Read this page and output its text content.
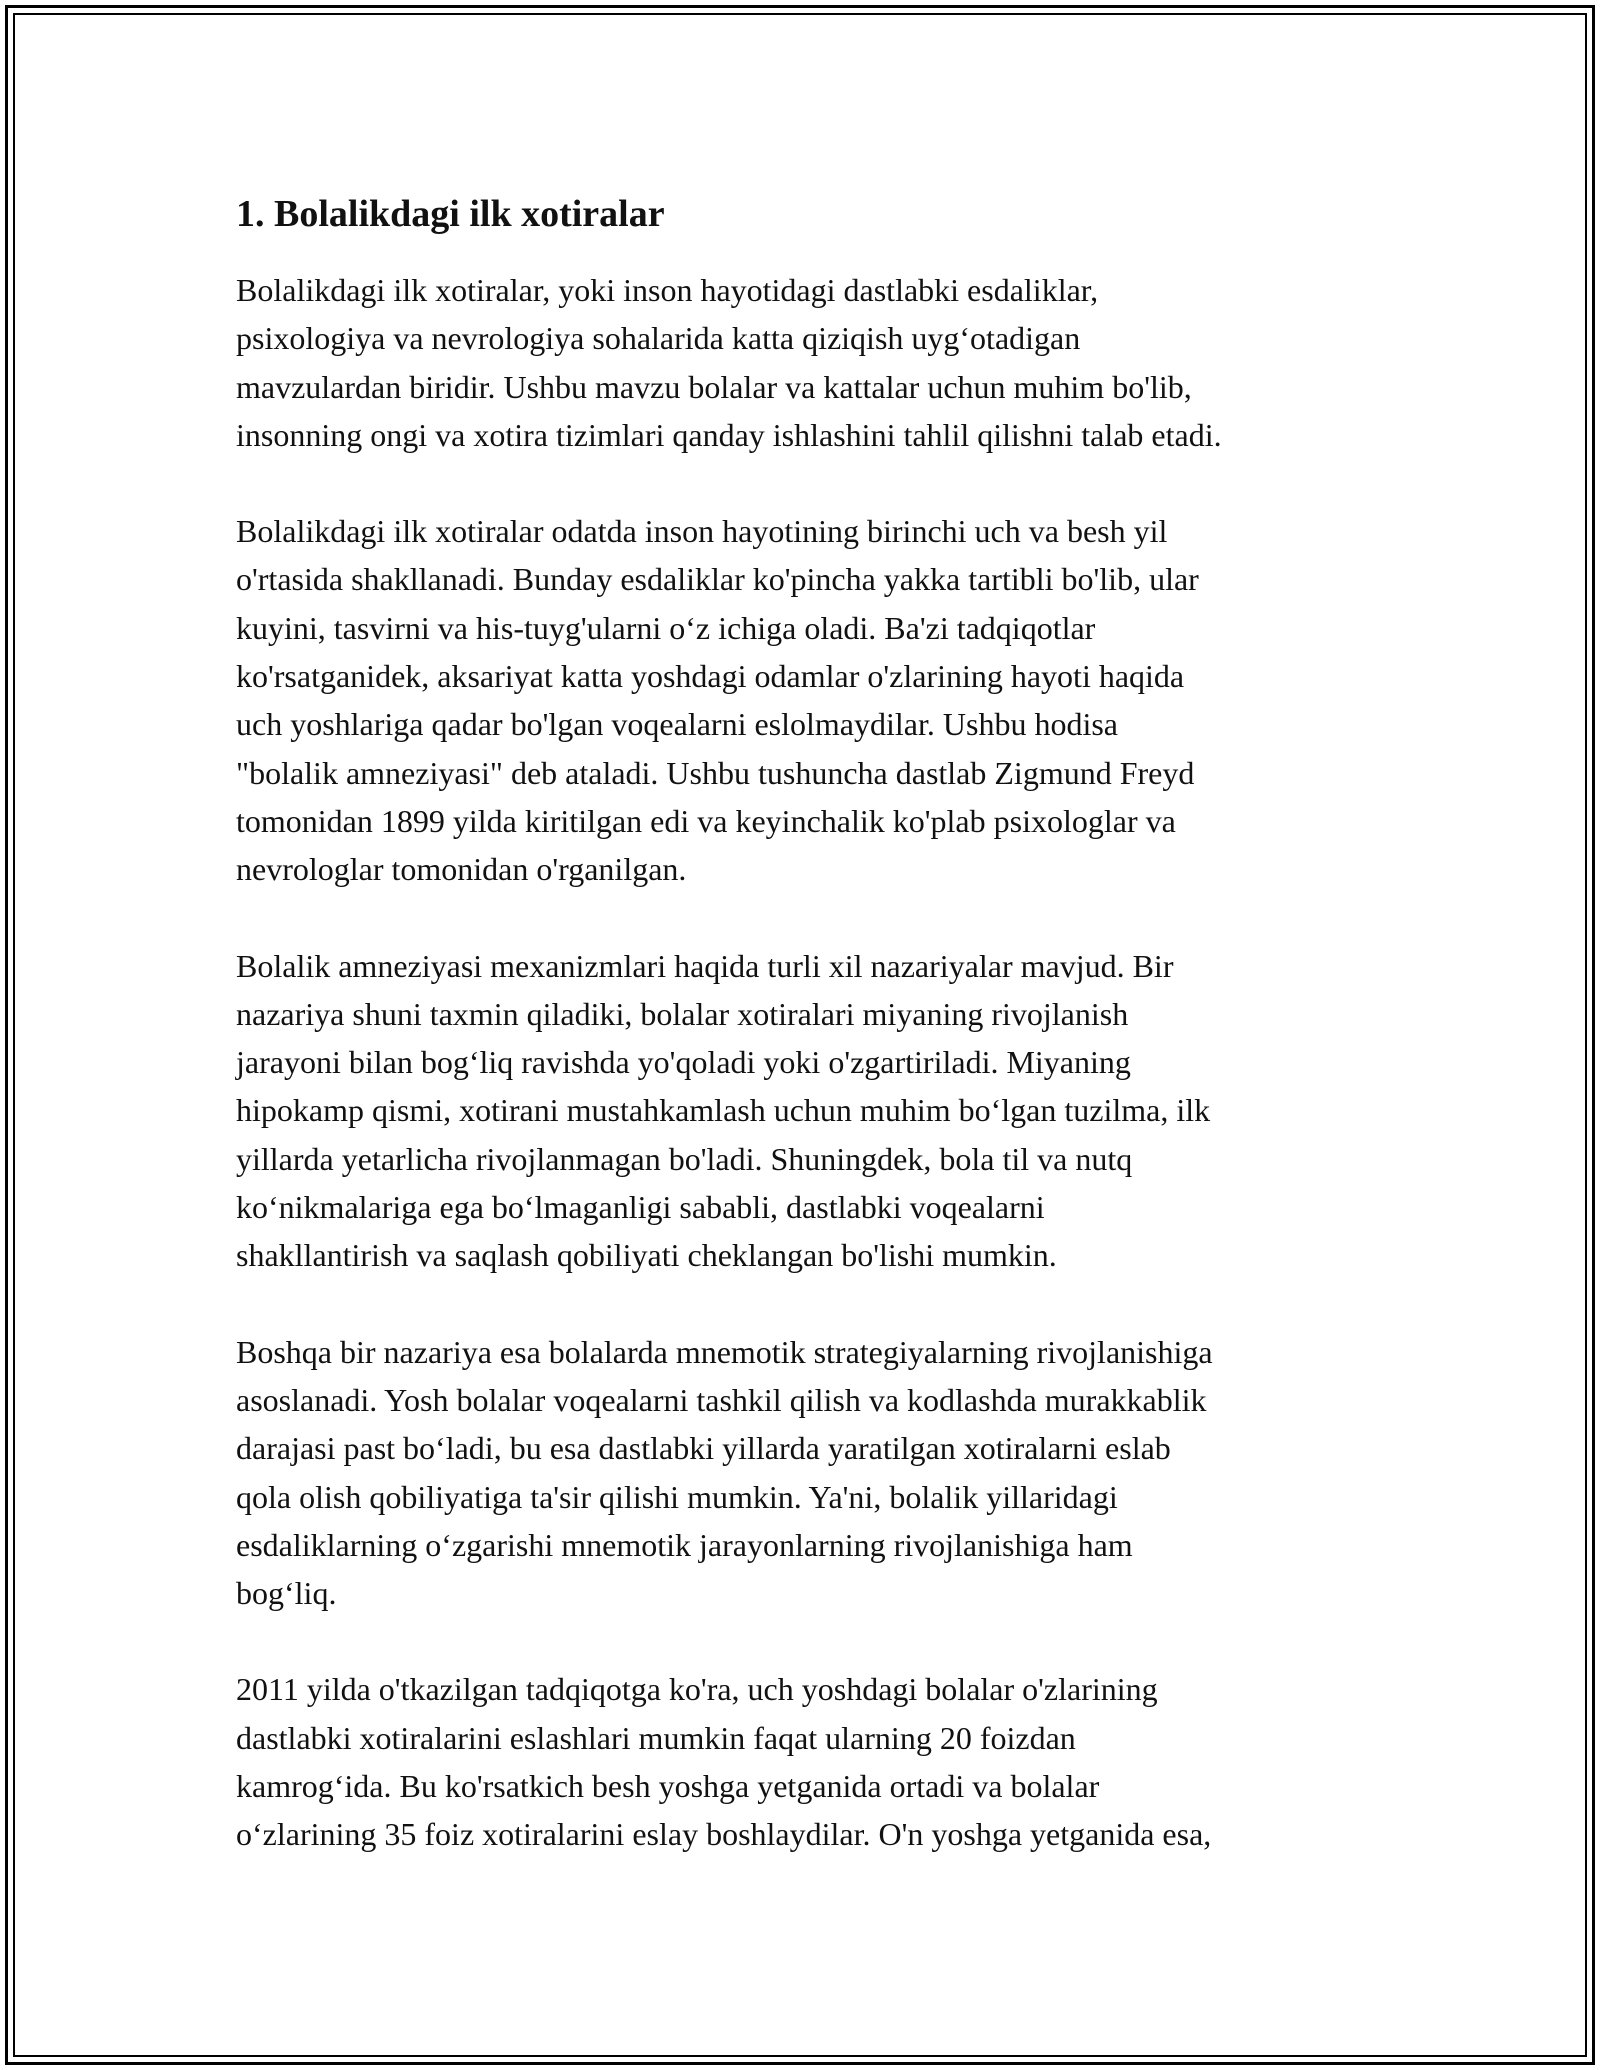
1. Bolalikdagi ilk xotiralar

Bolalikdagi ilk xotiralar, yoki inson hayotidagi dastlabki esdaliklar,
psixologiya va nevrologiya sohalarida katta qiziqish uygʻotadigan
mavzulardan biridir. Ushbu mavzu bolalar va kattalar uchun muhim bo'lib,
insonning ongi va xotira tizimlari qanday ishlashini tahlil qilishni talab etadi.

Bolalikdagi ilk xotiralar odatda inson hayotining birinchi uch va besh yil
o'rtasida shakllanadi. Bunday esdaliklar ko'pincha yakka tartibli bo'lib, ular
kuyini, tasvirni va his-tuyg'ularni oʻz ichiga oladi. Ba'zi tadqiqotlar
ko'rsatganidek, aksariyat katta yoshdagi odamlar o'zlarining hayoti haqida
uch yoshlariga qadar bo'lgan voqealarni eslolmaydilar. Ushbu hodisa
"bolalik amneziyasi" deb ataladi. Ushbu tushuncha dastlab Zigmund Freyd
tomonidan 1899 yilda kiritilgan edi va keyinchalik ko'plab psixologlar va
nevrologlar tomonidan o'rganilgan.

Bolalik amneziyasi mexanizmlari haqida turli xil nazariyalar mavjud. Bir
nazariya shuni taxmin qiladiki, bolalar xotiralari miyaning rivojlanish
jarayoni bilan bogʻliq ravishda yo'qoladi yoki o'zgartiriladi. Miyaning
hipokamp qismi, xotirani mustahkamlash uchun muhim boʻlgan tuzilma, ilk
yillarda yetarlicha rivojlanmagan bo'ladi. Shuningdek, bola til va nutq
koʻnikmalariga ega boʻlmaganligi sababli, dastlabki voqealarni
shakllantirish va saqlash qobiliyati cheklangan bo'lishi mumkin.

Boshqa bir nazariya esa bolalarda mnemotik strategiyalarning rivojlanishiga
asoslanadi. Yosh bolalar voqealarni tashkil qilish va kodlashda murakkablik
darajasi past boʻladi, bu esa dastlabki yillarda yaratilgan xotiralarni eslab
qola olish qobiliyatiga ta'sir qilishi mumkin. Ya'ni, bolalik yillaridagi
esdaliklarning oʻzgarishi mnemotik jarayonlarning rivojlanishiga ham
bogʻliq.

2011 yilda o'tkazilgan tadqiqotga ko'ra, uch yoshdagi bolalar o'zlarining
dastlabki xotiralarini eslashlari mumkin faqat ularning 20 foizdan
kamrogʻida. Bu ko'rsatkich besh yoshga yetganida ortadi va bolalar
oʻzlarining 35 foiz xotiralarini eslay boshlaydilar. O'n yoshga yetganida esa,
